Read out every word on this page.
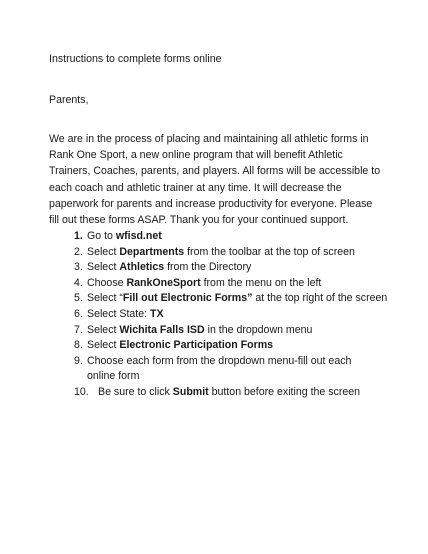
Instructions to complete forms online
Parents,
We are in the process of placing and maintaining all athletic forms in
Rank One Sport, a new online program that will benefit Athletic
Trainers, Coaches, parents, and players. All forms will be accessible to
each coach and athletic trainer at any time. It will decrease the
paperwork for parents and increase productivity for everyone. Please
fill out these forms ASAP. Thank you for your continued support.
1. Go to wfisd.net
2. Select Departments from the toolbar at the top of screen
3. Select Athletics from the Directory
4. Choose RankOneSport from the menu on the left
5. Select “Fill out Electronic Forms” at the top right of the screen
6. Select State: TX
7. Select Wichita Falls ISD in the dropdown menu
8. Select Electronic Participation Forms
9. Choose each form from the dropdown menu-fill out each
online form
10. Be sure to click Submit button before exiting the screen
